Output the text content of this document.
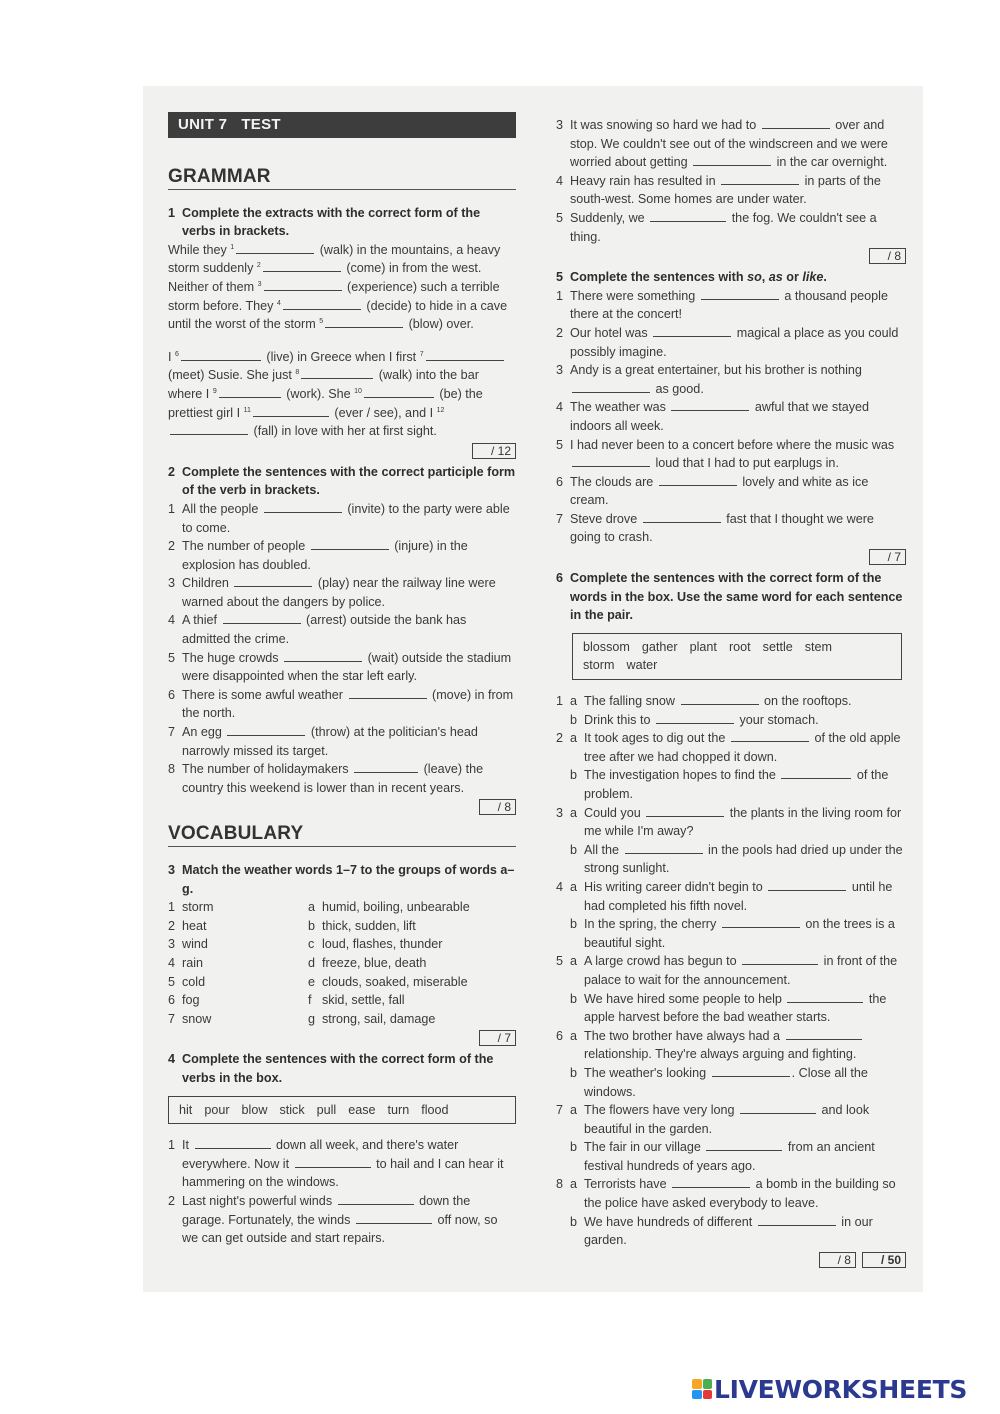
UNIT 7 TEST
GRAMMAR
1 Complete the extracts with the correct form of the verbs in brackets.

While they $^1$	(walk) in the mountains, a heavy storm suddenly $^2$	(come) in from the west. Neither of them $^3$	(experience) such a terrible storm before. They $^4$	(decide) to hide in a cave until the worst of the storm $^5$	(blow) over.

I $^6$	(live) in Greece when I first $^7$ (meet) Susie. She just $^8$	(walk) into the bar where I $^9$	(work). She $^{10}$	(be) the prettiest girl I $^{11}$	(ever / see), and I $^{12}$ (fall) in love with her at first sight.

/ 12
2 Complete the sentences with the correct participle form of the verb in brackets.
1 All the people	(invite) to the party were able to come.
2 The number of people	(injure) in the explosion has doubled.
3 Children	(play) near the railway line were warned about the dangers by police.
4 A thief	(arrest) outside the bank has admitted the crime.
5 The huge crowds	(wait) outside the stadium were disappointed when the star left early.
6 There is some awful weather	(move) in from the north.
7 An egg	(throw) at the politician's head narrowly missed its target.
8 The number of holidaymakers	(leave) the country this weekend is lower than in recent years.
/ 8
VOCABULARY
3 Match the weather words 1–7 to the groups of words a–g.
1 storm	a humid, boiling, unbearable
2 heat	b thick, sudden, lift
3 wind	c loud, flashes, thunder
4 rain	d freeze, blue, death
5 cold	e clouds, soaked, miserable
6 fog	f skid, settle, fall
7 snow	g strong, sail, damage
/ 7
4 Complete the sentences with the correct form of the verbs in the box.
hit pour blow stick pull ease turn flood
1 It	down all week, and there's water everywhere. Now it	to hail and I can hear it hammering on the windows.
2 Last night's powerful winds	down the garage. Fortunately, the winds	off now, so we can get outside and start repairs.
3 It was snowing so hard we had to	over and stop. We couldn't see out of the windscreen and we were worried about getting	in the car overnight.
4 Heavy rain has resulted in	in parts of the south-west. Some homes are under water.
5 Suddenly, we	the fog. We couldn't see a thing.
/ 8
5 Complete the sentences with so, as or like.
1 There were something	a thousand people there at the concert!
2 Our hotel was	magical a place as you could possibly imagine.
3 Andy is a great entertainer, but his brother is nothing  as good.
4 The weather was	awful that we stayed indoors all week.
5 I had never been to a concert before where the music was  loud that I had to put earplugs in.
6 The clouds are	lovely and white as ice cream.
7 Steve drove	fast that I thought we were going to crash.
/ 7
6 Complete the sentences with the correct form of the words in the box. Use the same word for each sentence in the pair.
blossom gather plant root settle stem
storm water
1 a The falling snow	on the rooftops.
b Drink this to	your stomach.
2 a It took ages to dig out the	of the old apple tree after we had chopped it down.
b The investigation hopes to find the	of the problem.
3 a Could you	the plants in the living room for me while I'm away?
b All the	in the pools had dried up under the strong sunlight.
4 a His writing career didn't begin to	until he had completed his fifth novel.
b In the spring, the cherry	on the trees is a beautiful sight.
5 a A large crowd has begun to	in front of the palace to wait for the announcement.
b We have hired some people to help	the apple harvest before the bad weather starts.
6 a The two brother have always had a  relationship. They're always arguing and fighting.
b The weather's looking	. Close all the windows.
7 a The flowers have very long	and look beautiful in the garden.
b The fair in our village	from an ancient festival hundreds of years ago.
8 a Terrorists have	a bomb in the building so the police have asked everybody to leave.
b We have hundreds of different	in our garden.
/ 8	/ 50
LIVEWORKSHEETS
